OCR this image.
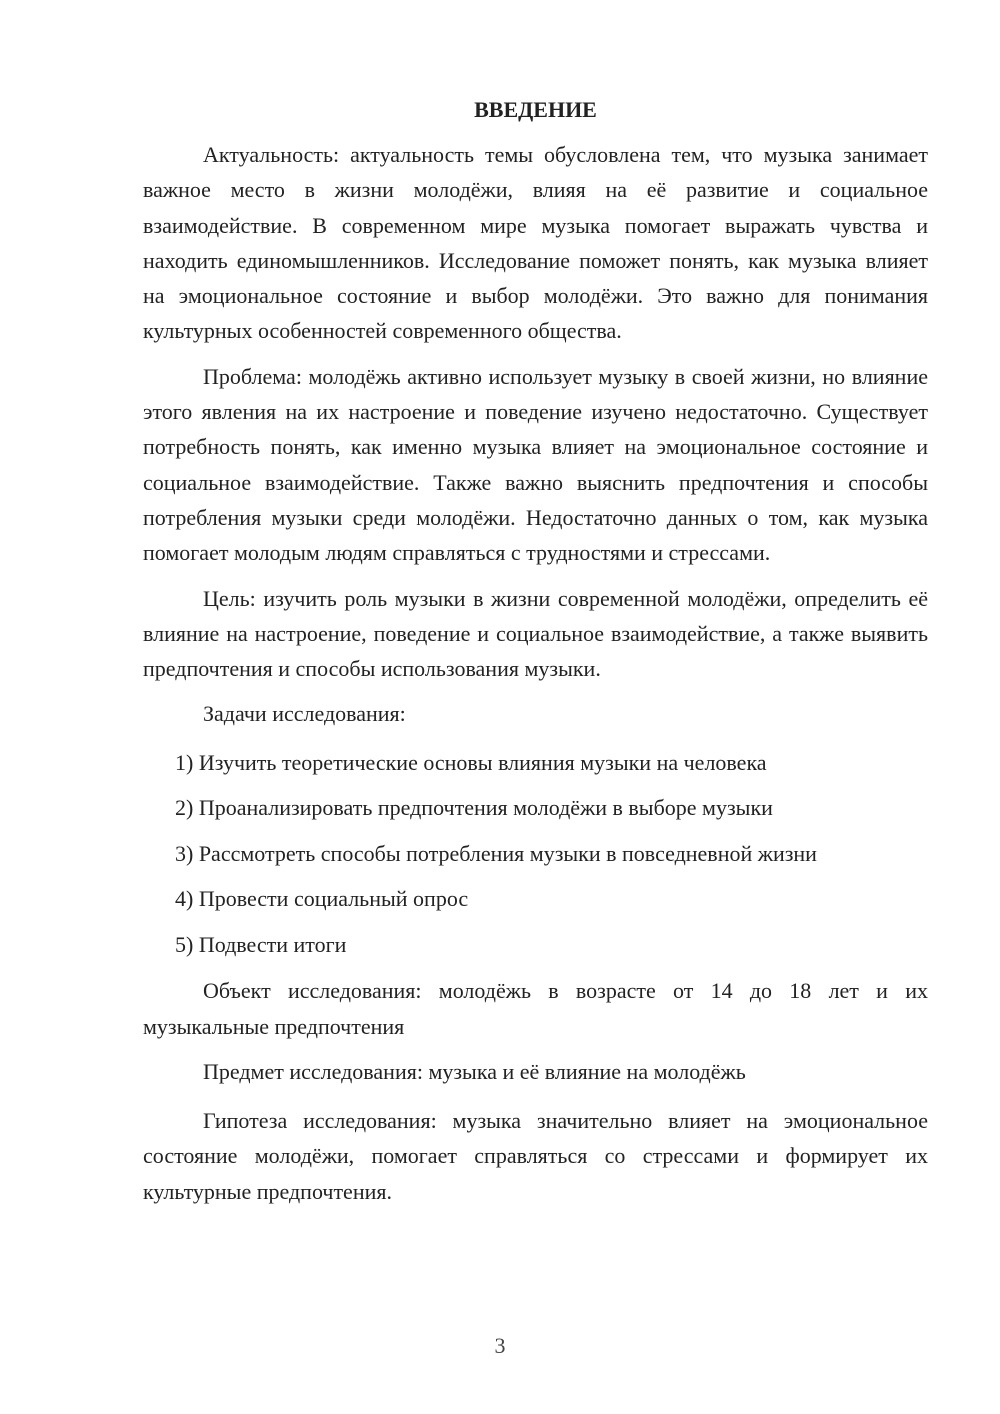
ВВЕДЕНИЕ

Актуальность: актуальность темы обусловлена тем, что музыка занимает важное место в жизни молодёжи, влияя на её развитие и социальное взаимодействие. В современном мире музыка помогает выражать чувства и находить единомышленников. Исследование поможет понять, как музыка влияет на эмоциональное состояние и выбор молодёжи. Это важно для понимания культурных особенностей современного общества.

Проблема: молодёжь активно использует музыку в своей жизни, но влияние этого явления на их настроение и поведение изучено недостаточно. Существует потребность понять, как именно музыка влияет на эмоциональное состояние и социальное взаимодействие. Также важно выяснить предпочтения и способы потребления музыки среди молодёжи. Недостаточно данных о том, как музыка помогает молодым людям справляться с трудностями и стрессами.

Цель: изучить роль музыки в жизни современной молодёжи, определить её влияние на настроение, поведение и социальное взаимодействие, а также выявить предпочтения и способы использования музыки.

Задачи исследования:

1) Изучить теоретические основы влияния музыки на человека
2) Проанализировать предпочтения молодёжи в выборе музыки
3) Рассмотреть способы потребления музыки в повседневной жизни
4) Провести социальный опрос
5) Подвести итоги

Объект исследования: молодёжь в возрасте от 14 до 18 лет и их музыкальные предпочтения

Предмет исследования: музыка и её влияние на молодёжь

Гипотеза исследования: музыка значительно влияет на эмоциональное состояние молодёжи, помогает справляться со стрессами и формирует их культурные предпочтения.

3
